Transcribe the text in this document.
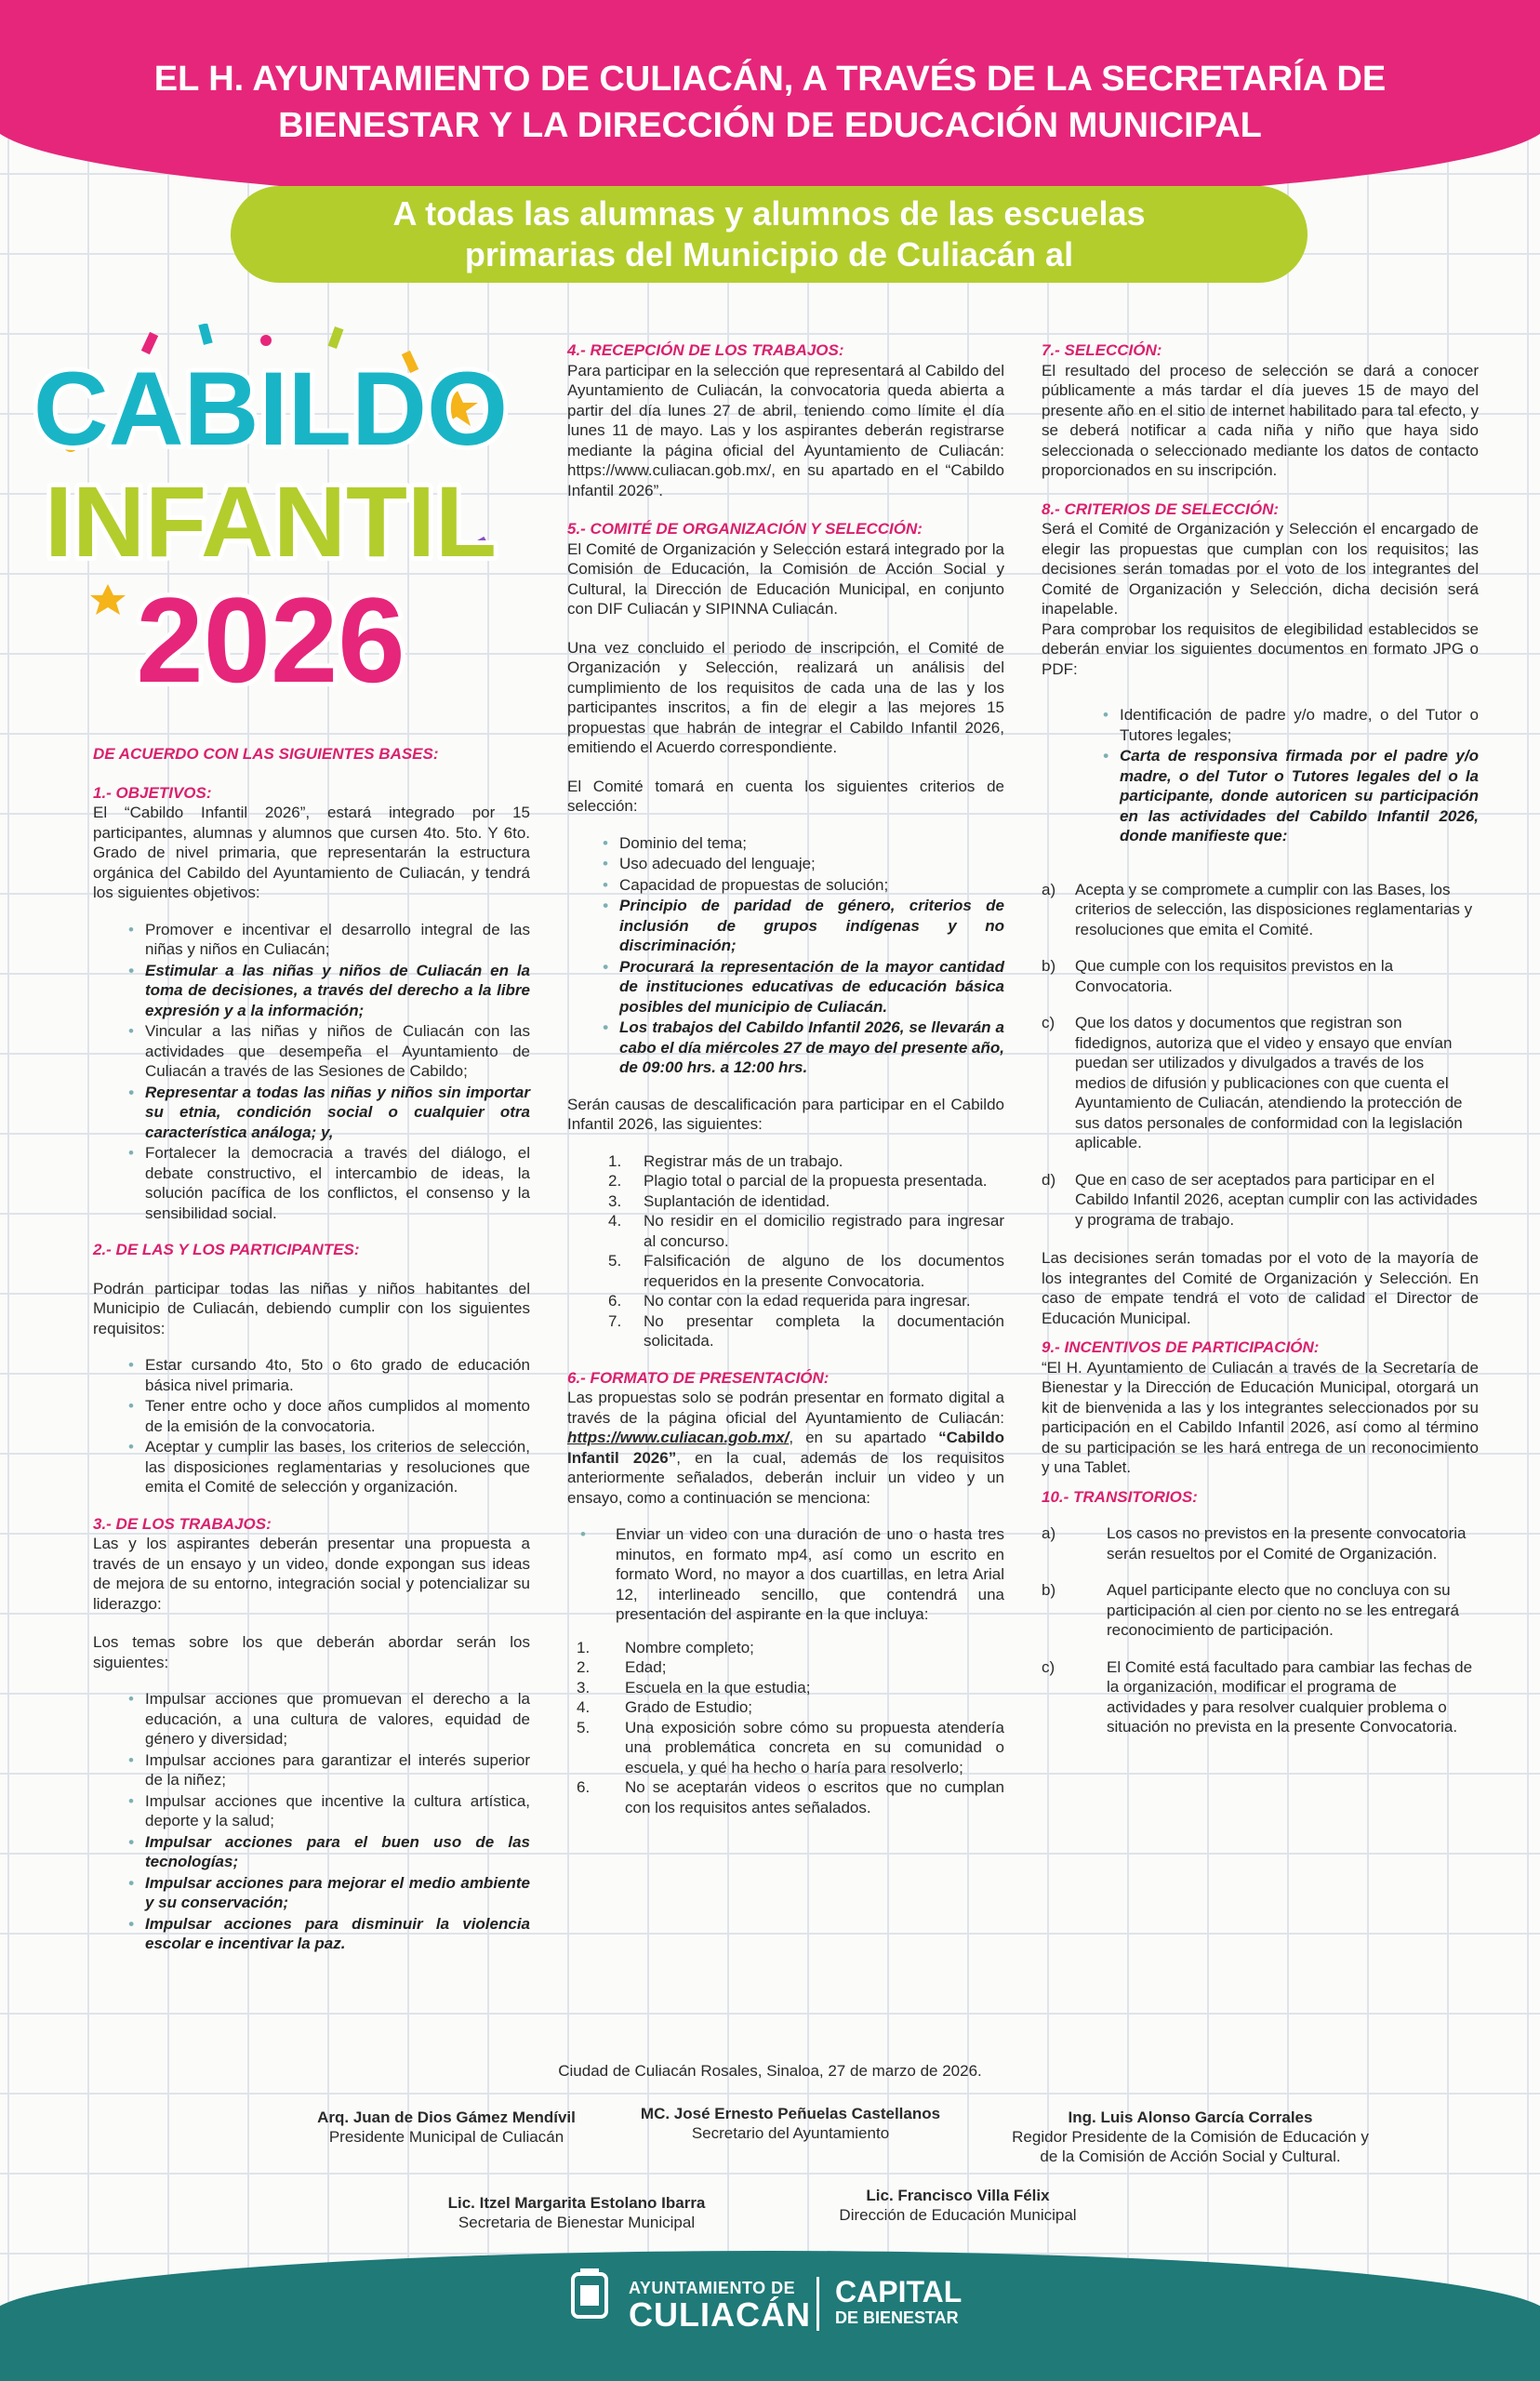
EL H. AYUNTAMIENTO DE CULIACÁN, A TRAVÉS DE LA SECRETARÍA DE
BIENESTAR Y LA DIRECCIÓN DE EDUCACIÓN MUNICIPAL
A todas las alumnas y alumnos de las escuelas
primarias del Municipio de Culiacán al
CABILDO
INFANTIL
2026

DE ACUERDO CON LAS SIGUIENTES BASES:

1.- OBJETIVOS:

El “Cabildo Infantil 2026”, estará integrado por 15 participantes, alumnas y alumnos que cursen 4to. 5to. Y 6to. Grado de nivel primaria, que representarán la estructura orgánica del Cabildo del Ayuntamiento de Culiacán, y tendrá los siguientes objetivos:

• Promover e incentivar el desarrollo integral de las niñas y niños en Culiacán;
• Estimular a las niñas y niños de Culiacán en la toma de decisiones, a través del derecho a la libre expresión y a la información;
• Vincular a las niñas y niños de Culiacán con las actividades que desempeña el Ayuntamiento de Culiacán a través de las Sesiones de Cabildo;
• Representar a todas las niñas y niños sin importar su etnia, condición social o cualquier otra característica análoga; y,
• Fortalecer la democracia a través del diálogo, el debate constructivo, el intercambio de ideas, la solución pacífica de los conflictos, el consenso y la sensibilidad social.

2.- DE LAS Y LOS PARTICIPANTES:

Podrán participar todas las niñas y niños habitantes del Municipio de Culiacán, debiendo cumplir con los siguientes requisitos:

• Estar cursando 4to, 5to o 6to grado de educación básica nivel primaria.
• Tener entre ocho y doce años cumplidos al momento de la emisión de la convocatoria.
• Aceptar y cumplir las bases, los criterios de selección, las disposiciones reglamentarias y resoluciones que emita el Comité de selección y organización.

3.- DE LOS TRABAJOS:

Las y los aspirantes deberán presentar una propuesta a través de un ensayo y un video, donde expongan sus ideas de mejora de su entorno, integración social y potencializar su liderazgo:

Los temas sobre los que deberán abordar serán los siguientes:

• Impulsar acciones que promuevan el derecho a la educación, a una cultura de valores, equidad de género y diversidad;
• Impulsar acciones para garantizar el interés superior de la niñez;
• Impulsar acciones que incentive la cultura artística, deporte y la salud;
• Impulsar acciones para el buen uso de las tecnologías;
• Impulsar acciones para mejorar el medio ambiente y su conservación;
• Impulsar acciones para disminuir la violencia escolar e incentivar la paz.

4.- RECEPCIÓN DE LOS TRABAJOS:

Para participar en la selección que representará al Cabildo del Ayuntamiento de Culiacán, la convocatoria queda abierta a partir del día lunes 27 de abril, teniendo como límite el día lunes 11 de mayo. Las y los aspirantes deberán registrarse mediante la página oficial del Ayuntamiento de Culiacán: https://www.culiacan.gob.mx/, en su apartado en el “Cabildo Infantil 2026”.

5.- COMITÉ DE ORGANIZACIÓN Y SELECCIÓN:

El Comité de Organización y Selección estará integrado por la Comisión de Educación, la Comisión de Acción Social y Cultural, la Dirección de Educación Municipal, en conjunto con DIF Culiacán y SIPINNA Culiacán.

Una vez concluido el periodo de inscripción, el Comité de Organización y Selección, realizará un análisis del cumplimiento de los requisitos de cada una de las y los participantes inscritos, a fin de elegir a las mejores 15 propuestas que habrán de integrar el Cabildo Infantil 2026, emitiendo el Acuerdo correspondiente.

El Comité tomará en cuenta los siguientes criterios de selección:

• Dominio del tema;
• Uso adecuado del lenguaje;
• Capacidad de propuestas de solución;
• Principio de paridad de género, criterios de inclusión de grupos indígenas y no discriminación;
• Procurará la representación de la mayor cantidad de instituciones educativas de educación básica posibles del municipio de Culiacán.
• Los trabajos del Cabildo Infantil 2026, se llevarán a cabo el día miércoles 27 de mayo del presente año, de 09:00 hrs. a 12:00 hrs.

Serán causas de descalificación para participar en el Cabildo Infantil 2026, las siguientes:

1. Registrar más de un trabajo.
2. Plagio total o parcial de la propuesta presentada.
3. Suplantación de identidad.
4. No residir en el domicilio registrado para ingresar al concurso.
5. Falsificación de alguno de los documentos requeridos en la presente Convocatoria.
6. No contar con la edad requerida para ingresar.
7. No presentar completa la documentación solicitada.

6.- FORMATO DE PRESENTACIÓN:

Las propuestas solo se podrán presentar en formato digital a través de la página oficial del Ayuntamiento de Culiacán: https://www.culiacan.gob.mx/, en su apartado “Cabildo Infantil 2026”, en la cual, además de los requisitos anteriormente señalados, deberán incluir un video y un ensayo, como a continuación se menciona:

• Enviar un video con una duración de uno o hasta tres minutos, en formato mp4, así como un escrito en formato Word, no mayor a dos cuartillas, en letra Arial 12, interlineado sencillo, que contendrá una presentación del aspirante en la que incluya:
1. Nombre completo;
2. Edad;
3. Escuela en la que estudia;
4. Grado de Estudio;
5. Una exposición sobre cómo su propuesta atendería una problemática concreta en su comunidad o escuela, y qué ha hecho o haría para resolverlo;
6. No se aceptarán videos o escritos que no cumplan con los requisitos antes señalados.

7.- SELECCIÓN:

El resultado del proceso de selección se dará a conocer públicamente a más tardar el día jueves 15 de mayo del presente año en el sitio de internet habilitado para tal efecto, y se deberá notificar a cada niña y niño que haya sido seleccionada o seleccionado mediante los datos de contacto proporcionados en su inscripción.

8.- CRITERIOS DE SELECCIÓN:

Será el Comité de Organización y Selección el encargado de elegir las propuestas que cumplan con los requisitos; las decisiones serán tomadas por el voto de los integrantes del Comité de Organización y Selección, dicha decisión será inapelable.

Para comprobar los requisitos de elegibilidad establecidos se deberán enviar los siguientes documentos en formato JPG o PDF:

• Identificación de padre y/o madre, o del Tutor o Tutores legales;
• Carta de responsiva firmada por el padre y/o madre, o del Tutor o Tutores legales del o la participante, donde autoricen su participación en las actividades del Cabildo Infantil 2026, donde manifieste que:
a) Acepta y se compromete a cumplir con las Bases, los criterios de selección, las disposiciones reglamentarias y resoluciones que emita el Comité.
b) Que cumple con los requisitos previstos en la Convocatoria.
c) Que los datos y documentos que registran son fidedignos, autoriza que el video y ensayo que envían puedan ser utilizados y divulgados a través de los medios de difusión y publicaciones con que cuenta el Ayuntamiento de Culiacán, atendiendo la protección de sus datos personales de conformidad con la legislación aplicable.
d) Que en caso de ser aceptados para participar en el Cabildo Infantil 2026, aceptan cumplir con las actividades y programa de trabajo.

Las decisiones serán tomadas por el voto de la mayoría de los integrantes del Comité de Organización y Selección. En caso de empate tendrá el voto de calidad el Director de Educación Municipal.

9.- INCENTIVOS DE PARTICIPACIÓN:

“El H. Ayuntamiento de Culiacán a través de la Secretaría de Bienestar y la Dirección de Educación Municipal, otorgará un kit de bienvenida a las y los integrantes seleccionados por su participación en el Cabildo Infantil 2026, así como al término de su participación se les hará entrega de un reconocimiento y una Tablet.

10.- TRANSITORIOS:

a)	Los casos no previstos en la presente convocatoria serán resueltos por el Comité de Organización.
b)	Aquel participante electo que no concluya con su participación al cien por ciento no se les entregará reconocimiento de participación.
c)	El Comité está facultado para cambiar las fechas de la organización, modificar el programa de actividades y para resolver cualquier problema o situación no prevista en la presente Convocatoria.
Ciudad de Culiacán Rosales, Sinaloa, 27 de marzo de 2026.
Arq. Juan de Dios Gámez Mendívil
Presidente Municipal de Culiacán
MC. José Ernesto Peñuelas Castellanos
Secretario del Ayuntamiento
Ing. Luis Alonso García Corrales
Regidor Presidente de la Comisión de Educación y
de la Comisión de Acción Social y Cultural.
Lic. Itzel Margarita Estolano Ibarra
Secretaria de Bienestar Municipal
Lic. Francisco Villa Félix
Dirección de Educación Municipal
AYUNTAMIENTO DE
CULIACÁN
CAPITAL
DE BIENESTAR
